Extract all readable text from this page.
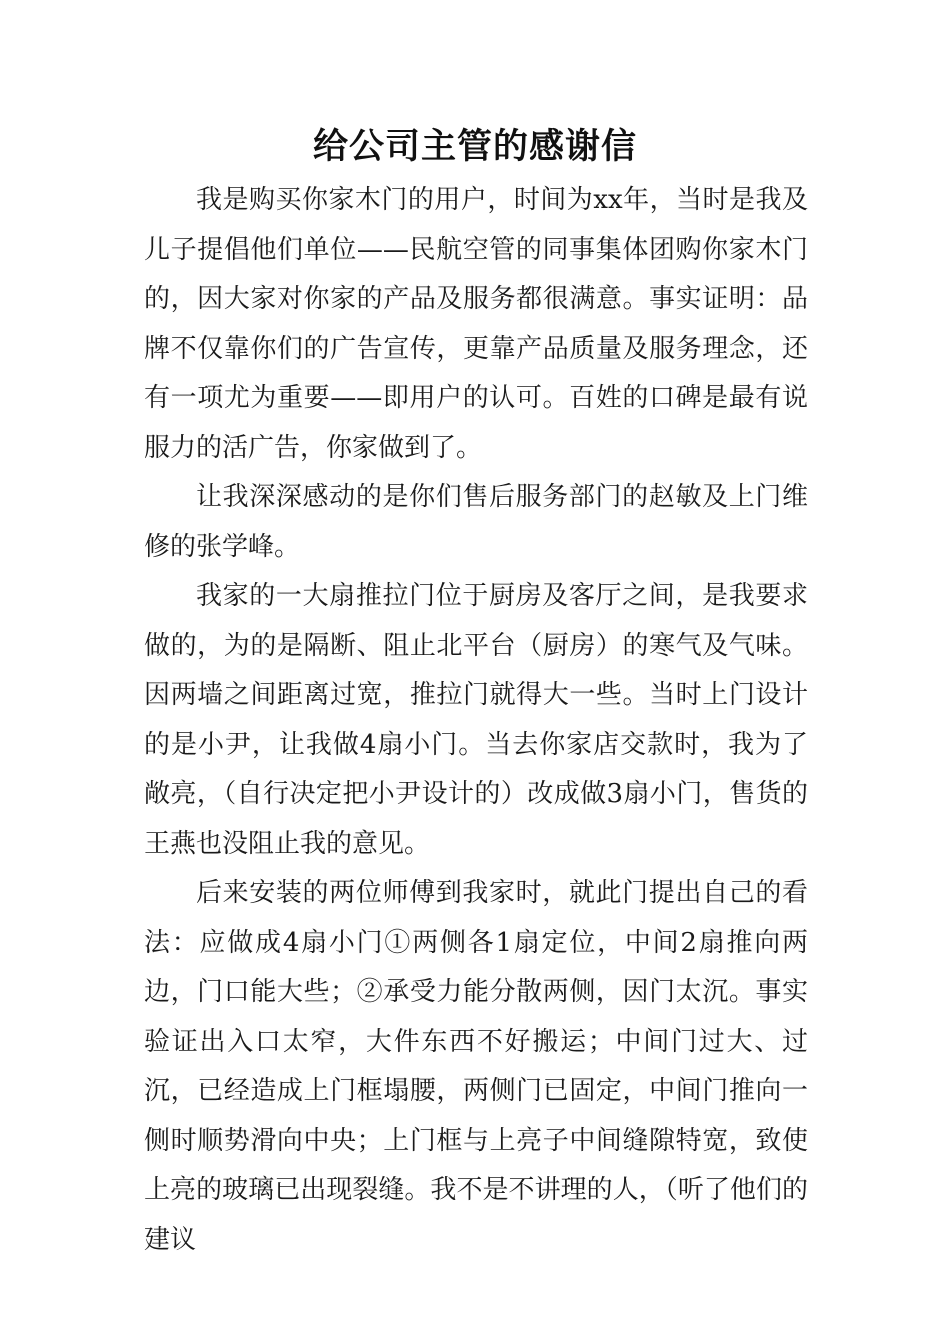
给公司主管的感谢信

我是购买你家木门的用户，时间为xx年，当时是我及儿子提倡他们单位——民航空管的同事集体团购你家木门的，因大家对你家的产品及服务都很满意。事实证明：品牌不仅靠你们的广告宣传，更靠产品质量及服务理念，还有一项尤为重要——即用户的认可。百姓的口碑是最有说服力的活广告，你家做到了。

让我深深感动的是你们售后服务部门的赵敏及上门维修的张学峰。

我家的一大扇推拉门位于厨房及客厅之间，是我要求做的，为的是隔断、阻止北平台（厨房）的寒气及气味。因两墙之间距离过宽，推拉门就得大一些。当时上门设计的是小尹，让我做4扇小门。当去你家店交款时，我为了敞亮，（自行决定把小尹设计的）改成做3扇小门，售货的王燕也没阻止我的意见。

后来安装的两位师傅到我家时，就此门提出自己的看法：应做成4扇小门①两侧各1扇定位，中间2扇推向两边，门口能大些；②承受力能分散两侧，因门太沉。事实验证出入口太窄，大件东西不好搬运；中间门过大、过沉，已经造成上门框塌腰，两侧门已固定，中间门推向一侧时顺势滑向中央；上门框与上亮子中间缝隙特宽，致使上亮的玻璃已出现裂缝。我不是不讲理的人，（听了他们的建议
